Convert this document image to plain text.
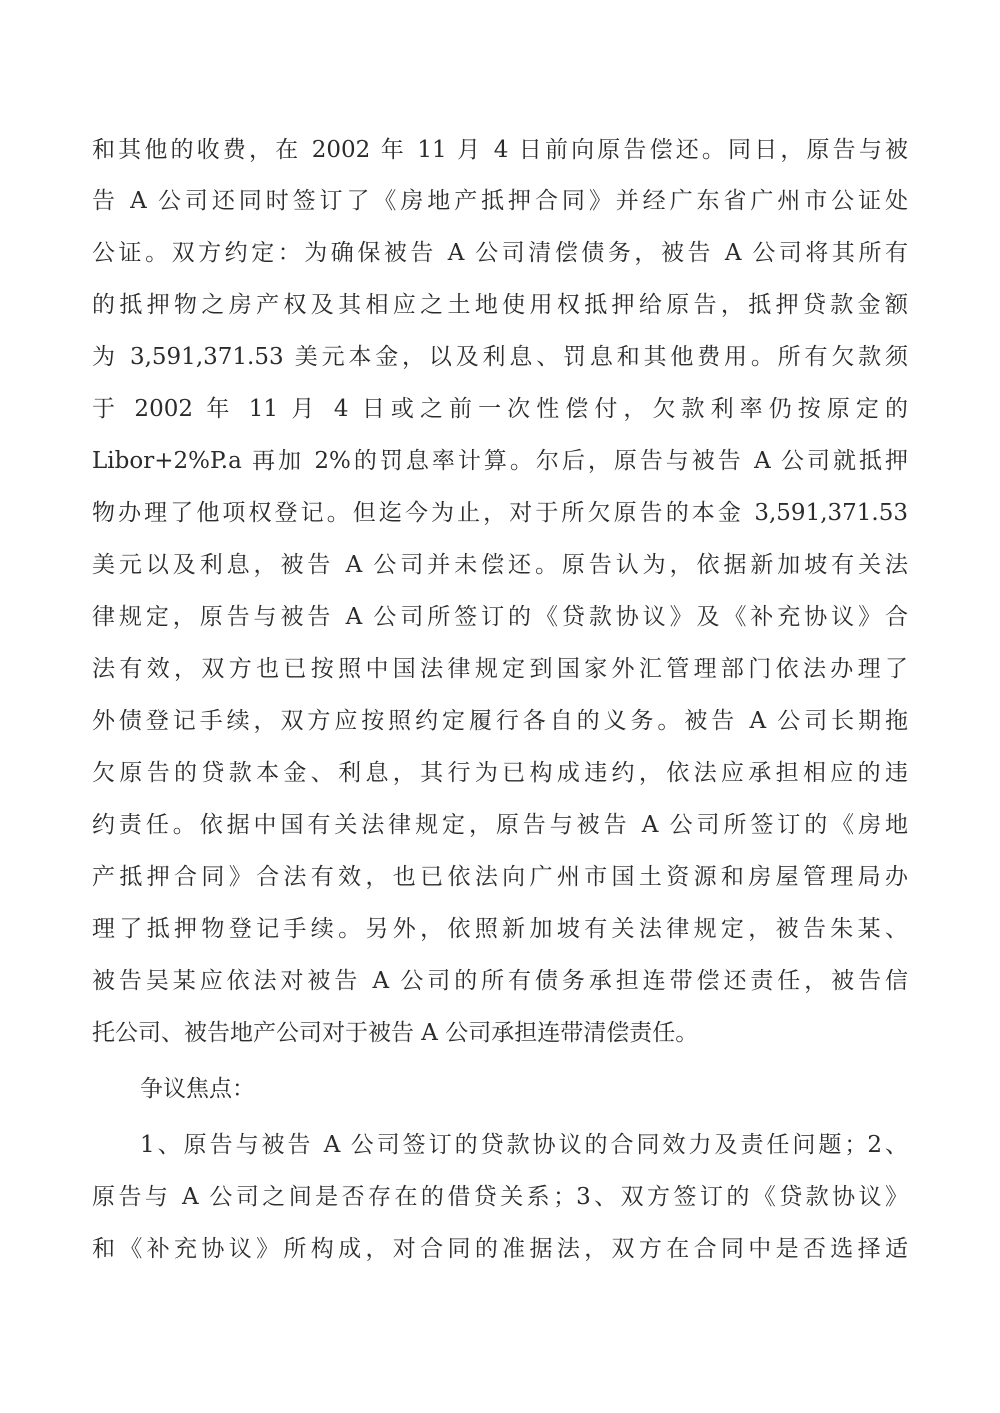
和其他的收费，在 2002 年 11 月 4 日前向原告偿还。同日，原告与被
告 A 公司还同时签订了《房地产抵押合同》并经广东省广州市公证处
公证。双方约定：为确保被告 A 公司清偿债务，被告 A 公司将其所有
的抵押物之房产权及其相应之土地使用权抵押给原告，抵押贷款金额
为 3,591,371.53 美元本金，以及利息、罚息和其他费用。所有欠款须
于 2002 年 11 月 4 日或之前一次性偿付，欠款利率仍按原定的
Libor+2%P.a 再加 2%的罚息率计算。尔后，原告与被告 A 公司就抵押
物办理了他项权登记。但迄今为止，对于所欠原告的本金 3,591,371.53
美元以及利息，被告 A 公司并未偿还。原告认为，依据新加坡有关法
律规定，原告与被告 A 公司所签订的《贷款协议》及《补充协议》合
法有效，双方也已按照中国法律规定到国家外汇管理部门依法办理了
外债登记手续，双方应按照约定履行各自的义务。被告 A 公司长期拖
欠原告的贷款本金、利息，其行为已构成违约，依法应承担相应的违
约责任。依据中国有关法律规定，原告与被告 A 公司所签订的《房地
产抵押合同》合法有效，也已依法向广州市国土资源和房屋管理局办
理了抵押物登记手续。另外，依照新加坡有关法律规定，被告朱某、
被告吴某应依法对被告 A 公司的所有债务承担连带偿还责任，被告信
托公司、被告地产公司对于被告 A 公司承担连带清偿责任。
争议焦点：
1、原告与被告 A 公司签订的贷款协议的合同效力及责任问题；2、
原告与 A 公司之间是否存在的借贷关系；3、双方签订的《贷款协议》
和《补充协议》所构成，对合同的准据法，双方在合同中是否选择适
